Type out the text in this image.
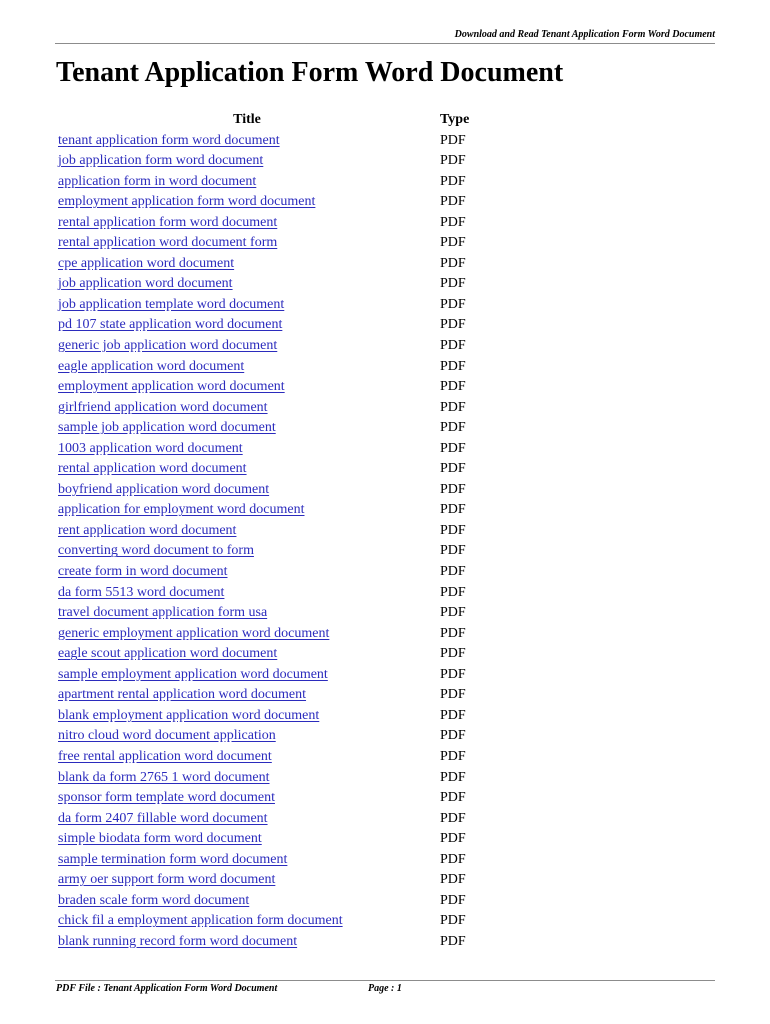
Download and Read Tenant Application Form Word Document
Tenant Application Form Word Document
Title	Type
tenant application form word document	PDF
job application form word document	PDF
application form in word document	PDF
employment application form word document	PDF
rental application form word document	PDF
rental application word document form	PDF
cpe application word document	PDF
job application word document	PDF
job application template word document	PDF
pd 107 state application word document	PDF
generic job application word document	PDF
eagle application word document	PDF
employment application word document	PDF
girlfriend application word document	PDF
sample job application word document	PDF
1003 application word document	PDF
rental application word document	PDF
boyfriend application word document	PDF
application for employment word document	PDF
rent application word document	PDF
converting word document to form	PDF
create form in word document	PDF
da form 5513 word document	PDF
travel document application form usa	PDF
generic employment application word document	PDF
eagle scout application word document	PDF
sample employment application word document	PDF
apartment rental application word document	PDF
blank employment application word document	PDF
nitro cloud word document application	PDF
free rental application word document	PDF
blank da form 2765 1 word document	PDF
sponsor form template word document	PDF
da form 2407 fillable word document	PDF
simple biodata form word document	PDF
sample termination form word document	PDF
army oer support form word document	PDF
braden scale form word document	PDF
chick fil a employment application form document	PDF
blank running record form word document	PDF
PDF File : Tenant Application Form Word Document	Page : 1
